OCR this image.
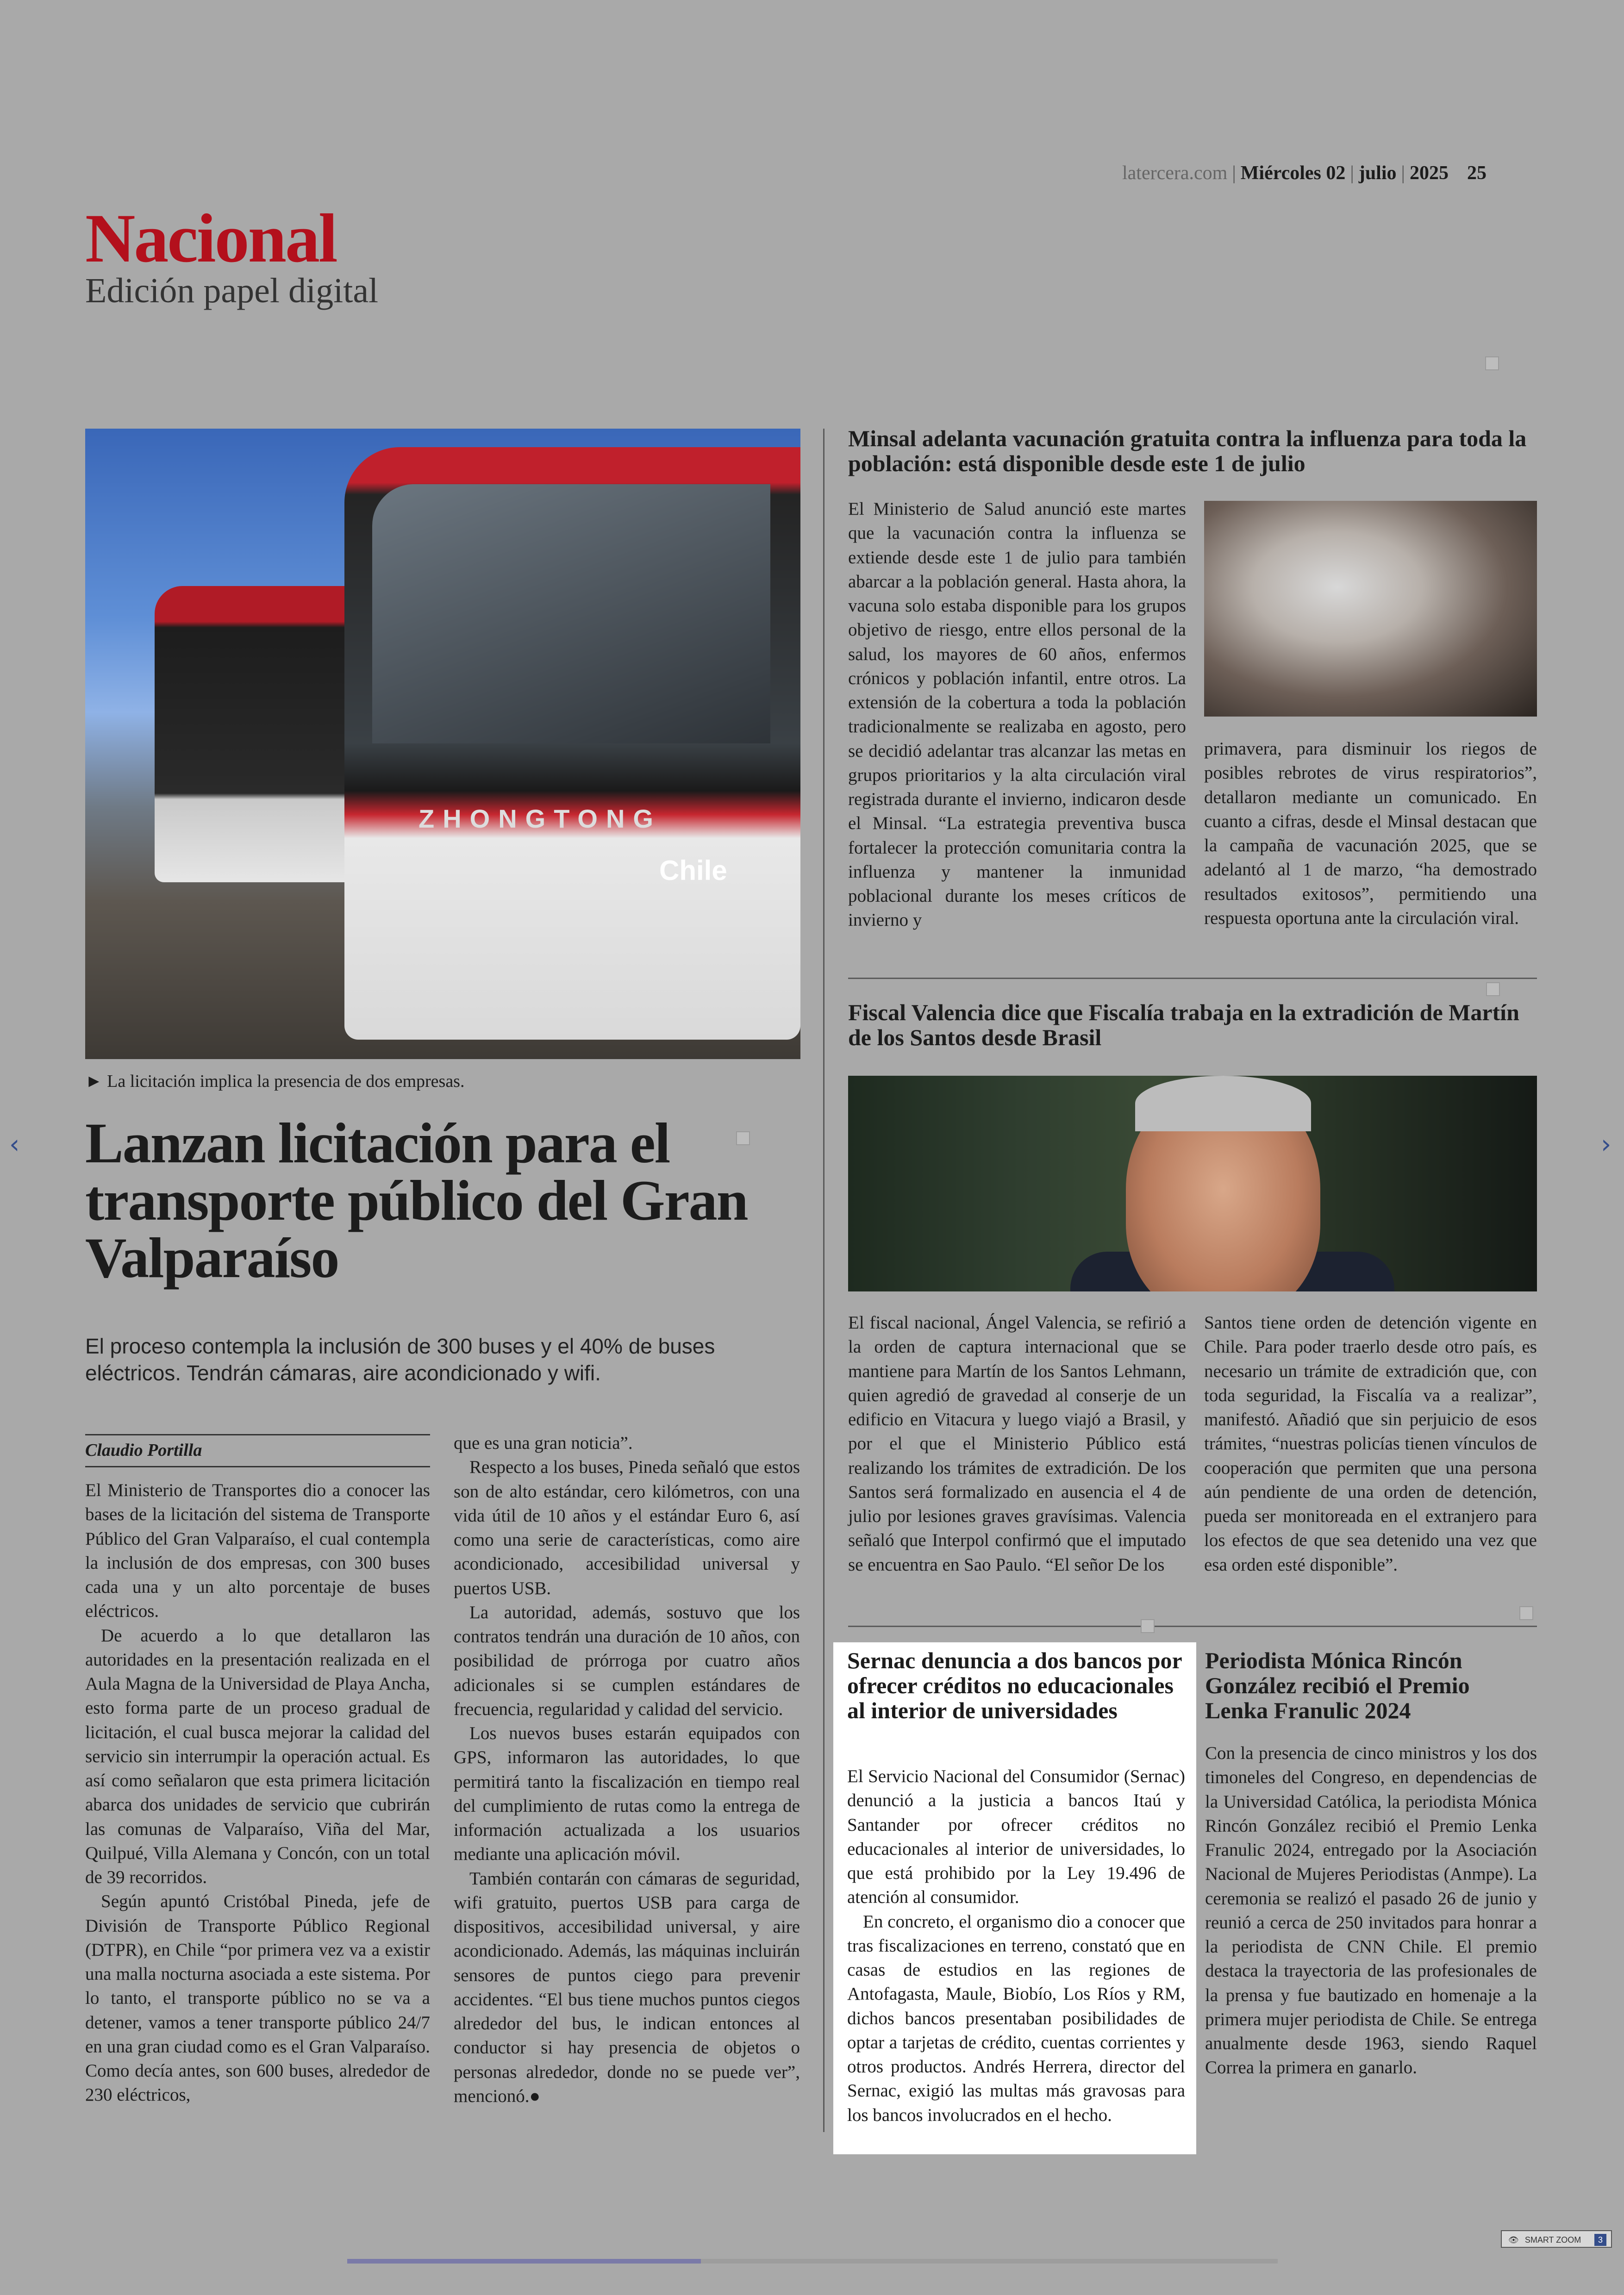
latercera.com | Miércoles 02 | julio | 2025 25
Nacional
Edición papel digital
ZHONGTONG
Chile
► La licitación implica la presencia de dos empresas.
Lanzan licitación para el transporte público del Gran Valparaíso
El proceso contempla la inclusión de 300 buses y el 40% de buses eléctricos. Tendrán cámaras, aire acondicionado y wifi.
Claudio Portilla

El Ministerio de Transportes dio a conocer las bases de la licitación del sistema de Transporte Público del Gran Valparaíso, el cual contempla la inclusión de dos empresas, con 300 buses cada una y un alto porcentaje de buses eléctricos.

De acuerdo a lo que detallaron las autoridades en la presentación realizada en el Aula Magna de la Universidad de Playa Ancha, esto forma parte de un proceso gradual de licitación, el cual busca mejorar la calidad del servicio sin interrumpir la operación actual. Es así como señalaron que esta primera licitación abarca dos unidades de servicio que cubrirán las comunas de Valparaíso, Viña del Mar, Quilpué, Villa Alemana y Concón, con un total de 39 recorridos.

Según apuntó Cristóbal Pineda, jefe de División de Transporte Público Regional (DTPR), en Chile “por primera vez va a existir una malla nocturna asociada a este sistema. Por lo tanto, el transporte público no se va a detener, vamos a tener transporte público 24/7 en una gran ciudad como es el Gran Valparaíso. Como decía antes, son 600 buses, alrededor de 230 eléctricos,

que es una gran noticia”.

Respecto a los buses, Pineda señaló que estos son de alto estándar, cero kilómetros, con una vida útil de 10 años y el estándar Euro 6, así como una serie de características, como aire acondicionado, accesibilidad universal y puertos USB.

La autoridad, además, sostuvo que los contratos tendrán una duración de 10 años, con posibilidad de prórroga por cuatro años adicionales si se cumplen estándares de frecuencia, regularidad y calidad del servicio.

Los nuevos buses estarán equipados con GPS, informaron las autoridades, lo que permitirá tanto la fiscalización en tiempo real del cumplimiento de rutas como la entrega de información actualizada a los usuarios mediante una aplicación móvil.

También contarán con cámaras de seguridad, wifi gratuito, puertos USB para carga de dispositivos, accesibilidad universal, y aire acondicionado. Además, las máquinas incluirán sensores de puntos ciego para prevenir accidentes. “El bus tiene muchos puntos ciegos alrededor del bus, le indican entonces al conductor si hay presencia de objetos o personas alrededor, donde no se puede ver”, mencionó.●

Minsal adelanta vacunación gratuita contra la influenza para toda la población: está disponible desde este 1 de julio

El Ministerio de Salud anunció este martes que la vacunación contra la influenza se extiende desde este 1 de julio para también abarcar a la población general. Hasta ahora, la vacuna solo estaba disponible para los grupos objetivo de riesgo, entre ellos personal de la salud, los mayores de 60 años, enfermos crónicos y población infantil, entre otros. La extensión de la cobertura a toda la población tradicionalmente se realizaba en agosto, pero se decidió adelantar tras alcanzar las metas en grupos prioritarios y la alta circulación viral registrada durante el invierno, indicaron desde el Minsal. “La estrategia preventiva busca fortalecer la protección comunitaria contra la influenza y mantener la inmunidad poblacional durante los meses críticos de invierno y

primavera, para disminuir los riegos de posibles rebrotes de virus respiratorios”, detallaron mediante un comunicado. En cuanto a cifras, desde el Minsal destacan que la campaña de vacunación 2025, que se adelantó al 1 de marzo, “ha demostrado resultados exitosos”, permitiendo una respuesta oportuna ante la circulación viral.

Fiscal Valencia dice que Fiscalía trabaja en la extradición de Martín de los Santos desde Brasil

El fiscal nacional, Ángel Valencia, se refirió a la orden de captura internacional que se mantiene para Martín de los Santos Lehmann, quien agredió de gravedad al conserje de un edificio en Vitacura y luego viajó a Brasil, y por el que el Ministerio Público está realizando los trámites de extradición. De los Santos será formalizado en ausencia el 4 de julio por lesiones graves gravísimas. Valencia señaló que Interpol confirmó que el imputado se encuentra en Sao Paulo. “El señor De los

Santos tiene orden de detención vigente en Chile. Para poder traerlo desde otro país, es necesario un trámite de extradición que, con toda seguridad, la Fiscalía va a realizar”, manifestó. Añadió que sin perjuicio de esos trámites, “nuestras policías tienen vínculos de cooperación que permiten que una persona aún pendiente de una orden de detención, pueda ser monitoreada en el extranjero para los efectos de que sea detenido una vez que esa orden esté disponible”.

Sernac denuncia a dos bancos por ofrecer créditos no educacionales al interior de universidades

El Servicio Nacional del Consumidor (Sernac) denunció a la justicia a bancos Itaú y Santander por ofrecer créditos no educacionales al interior de universidades, lo que está prohibido por la Ley 19.496 de atención al consumidor.

En concreto, el organismo dio a conocer que tras fiscalizaciones en terreno, constató que en casas de estudios en las regiones de Antofagasta, Maule, Biobío, Los Ríos y RM, dichos bancos presentaban posibilidades de optar a tarjetas de crédito, cuentas corrientes y otros productos. Andrés Herrera, director del Sernac, exigió las multas más gravosas para los bancos involucrados en el hecho.

Periodista Mónica Rincón González recibió el Premio Lenka Franulic 2024

Con la presencia de cinco ministros y los dos timoneles del Congreso, en dependencias de la Universidad Católica, la periodista Mónica Rincón González recibió el Premio Lenka Franulic 2024, entregado por la Asociación Nacional de Mujeres Periodistas (Anmpe). La ceremonia se realizó el pasado 26 de junio y reunió a cerca de 250 invitados para honrar a la periodista de CNN Chile. El premio destaca la trayectoria de las profesionales de la prensa y fue bautizado en homenaje a la primera mujer periodista de Chile. Se entrega anualmente desde 1963, siendo Raquel Correa la primera en ganarlo.

‹	›
👁 SMART ZOOM	3
